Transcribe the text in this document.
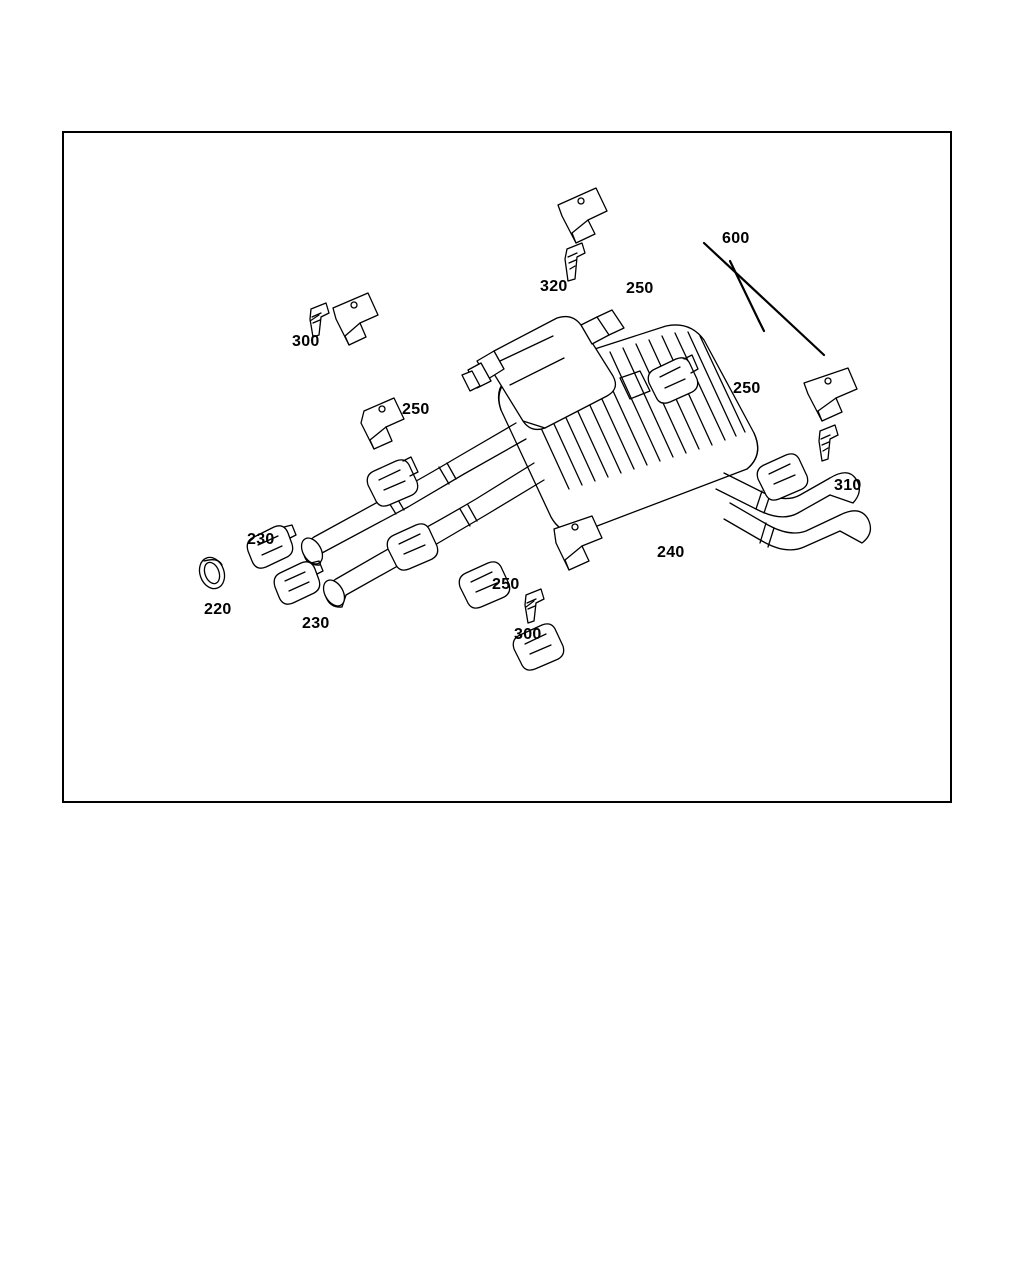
600
320	250
300
250
250
310
230
240
250
220
230
300
